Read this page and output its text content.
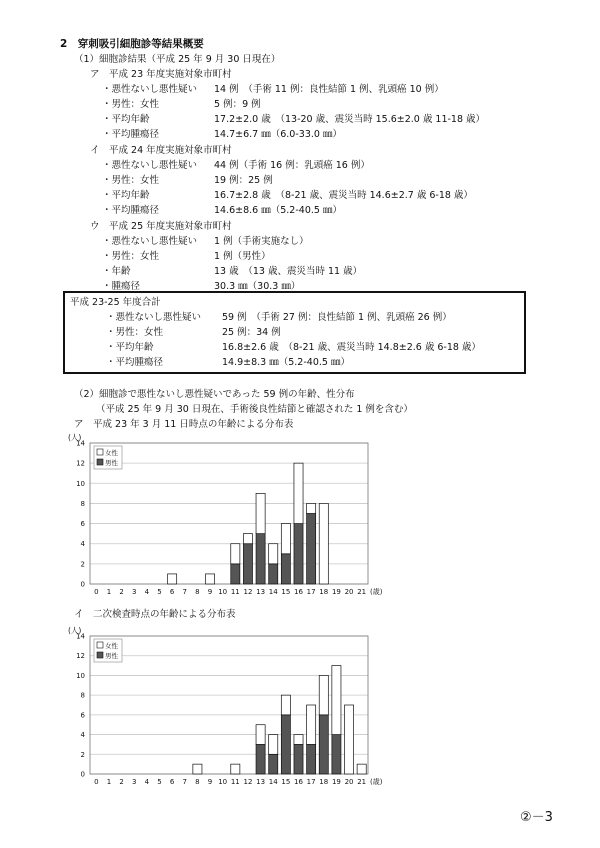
2　穿刺吸引細胞診等結果概要
（1）細胞診結果（平成 25 年 9 月 30 日現在）
ア　平成 23 年度実施対象市町村
・悪性ないし悪性疑い 14 例　（手術 11 例：良性結節 1 例、乳頭癌 10 例）
・男性：女性	5 例：9 例
・平均年齢	17.2±2.0 歳　（13-20 歳、震災当時 15.6±2.0 歳 11-18 歳）
・平均腫瘍径	14.7±6.7 ㎜（6.0-33.0 ㎜）
イ　平成 24 年度実施対象市町村
・悪性ないし悪性疑い 44 例（手術 16 例：乳頭癌 16 例）
・男性：女性	19 例：25 例
・平均年齢	16.7±2.8 歳　（8-21 歳、震災当時 14.6±2.7 歳 6-18 歳）
・平均腫瘍径	14.6±8.6 ㎜（5.2-40.5 ㎜）
ウ　平成 25 年度実施対象市町村
・悪性ないし悪性疑い 1 例（手術実施なし）
・男性：女性	1 例（男性）
・年齢	13 歳　（13 歳、震災当時 11 歳）
・腫瘍径	30.3 ㎜（30.3 ㎜）
平成 23-25 年度合計
・悪性ないし悪性疑い 59 例　（手術 27 例：良性結節 1 例、乳頭癌 26 例）
・男性：女性	25 例：34 例
・平均年齢	16.8±2.6 歳　（8-21 歳、震災当時 14.8±2.6 歳 6-18 歳）
・平均腫瘍径	14.9±8.3 ㎜（5.2-40.5 ㎜）
（2）細胞診で悪性ないし悪性疑いであった 59 例の年齢、性分布
（平成 25 年 9 月 30 日現在、手術後良性結節と確認された 1 例を含む）
ア　平成 23 年 3 月 11 日時点の年齢による分布表
(人)
0
2
4
6
8
10
12
14
0 1 2 3 4 5 6 7 8 9 10 11 12 13 14 15 16 17 18 19 20 21 (歳)
女性
男性
イ　二次検査時点の年齢による分布表
(人)
0
2
4
6
8
10
12
14
0 1 2 3 4 5 6 7 8 9 10 11 12 13 14 15 16 17 18 19 20 21 (歳)
女性
男性
②－3
